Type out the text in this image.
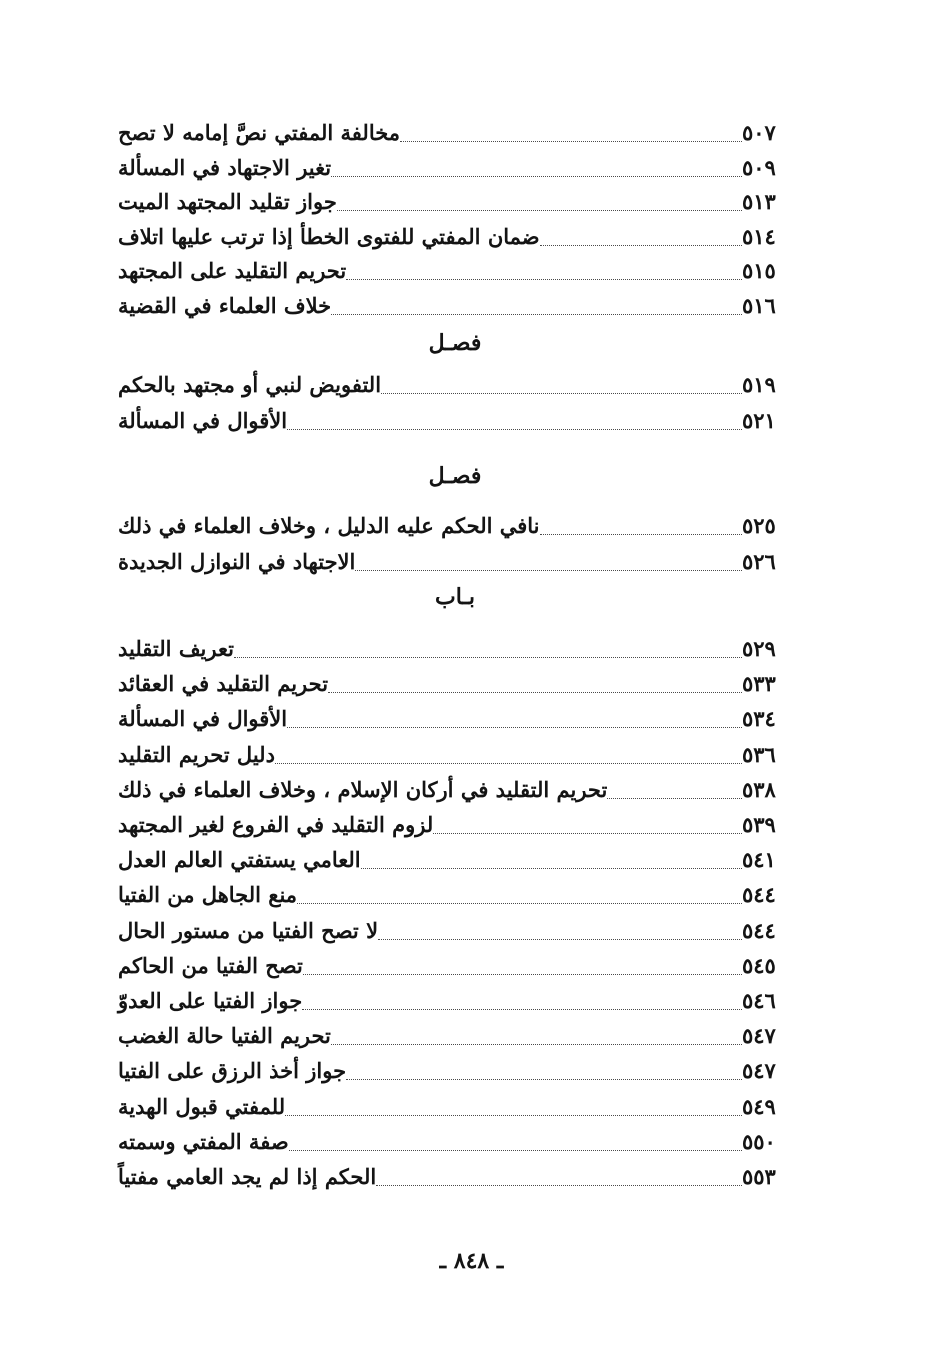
مخالفة المفتي نصَّ إمامه لا تصح	٥٠٧
تغير الاجتهاد في المسألة	٥٠٩
جواز تقليد المجتهد الميت	٥١٣
ضمان المفتي للفتوى الخطأ إذا ترتب عليها اتلاف	٥١٤
تحريم التقليد على المجتهد	٥١٥
خلاف العلماء في القضية	٥١٦
فصـل
التفويض لنبي أو مجتهد بالحكم	٥١٩
الأقوال في المسألة	٥٢١
فصـل
نافي الحكم عليه الدليل ، وخلاف العلماء في ذلك	٥٢٥
الاجتهاد في النوازل الجديدة	٥٢٦
بـاب
تعريف التقليد	٥٢٩
تحريم التقليد في العقائد	٥٣٣
الأقوال في المسألة	٥٣٤
دليل تحريم التقليد	٥٣٦
تحريم التقليد في أركان الإسلام ، وخلاف العلماء في ذلك	٥٣٨
لزوم التقليد في الفروع لغير المجتهد	٥٣٩
العامي يستفتي العالم العدل	٥٤١
منع الجاهل من الفتيا	٥٤٤
لا تصح الفتيا من مستور الحال	٥٤٤
تصح الفتيا من الحاكم	٥٤٥
جواز الفتيا على العدوّ	٥٤٦
تحريم الفتيا حالة الغضب	٥٤٧
جواز أخذ الرزق على الفتيا	٥٤٧
للمفتي قبول الهدية	٥٤٩
صفة المفتي وسمته	٥٥٠
الحكم إذا لم يجد العامي مفتياً	٥٥٣
ـ ٨٤٨ ـ
